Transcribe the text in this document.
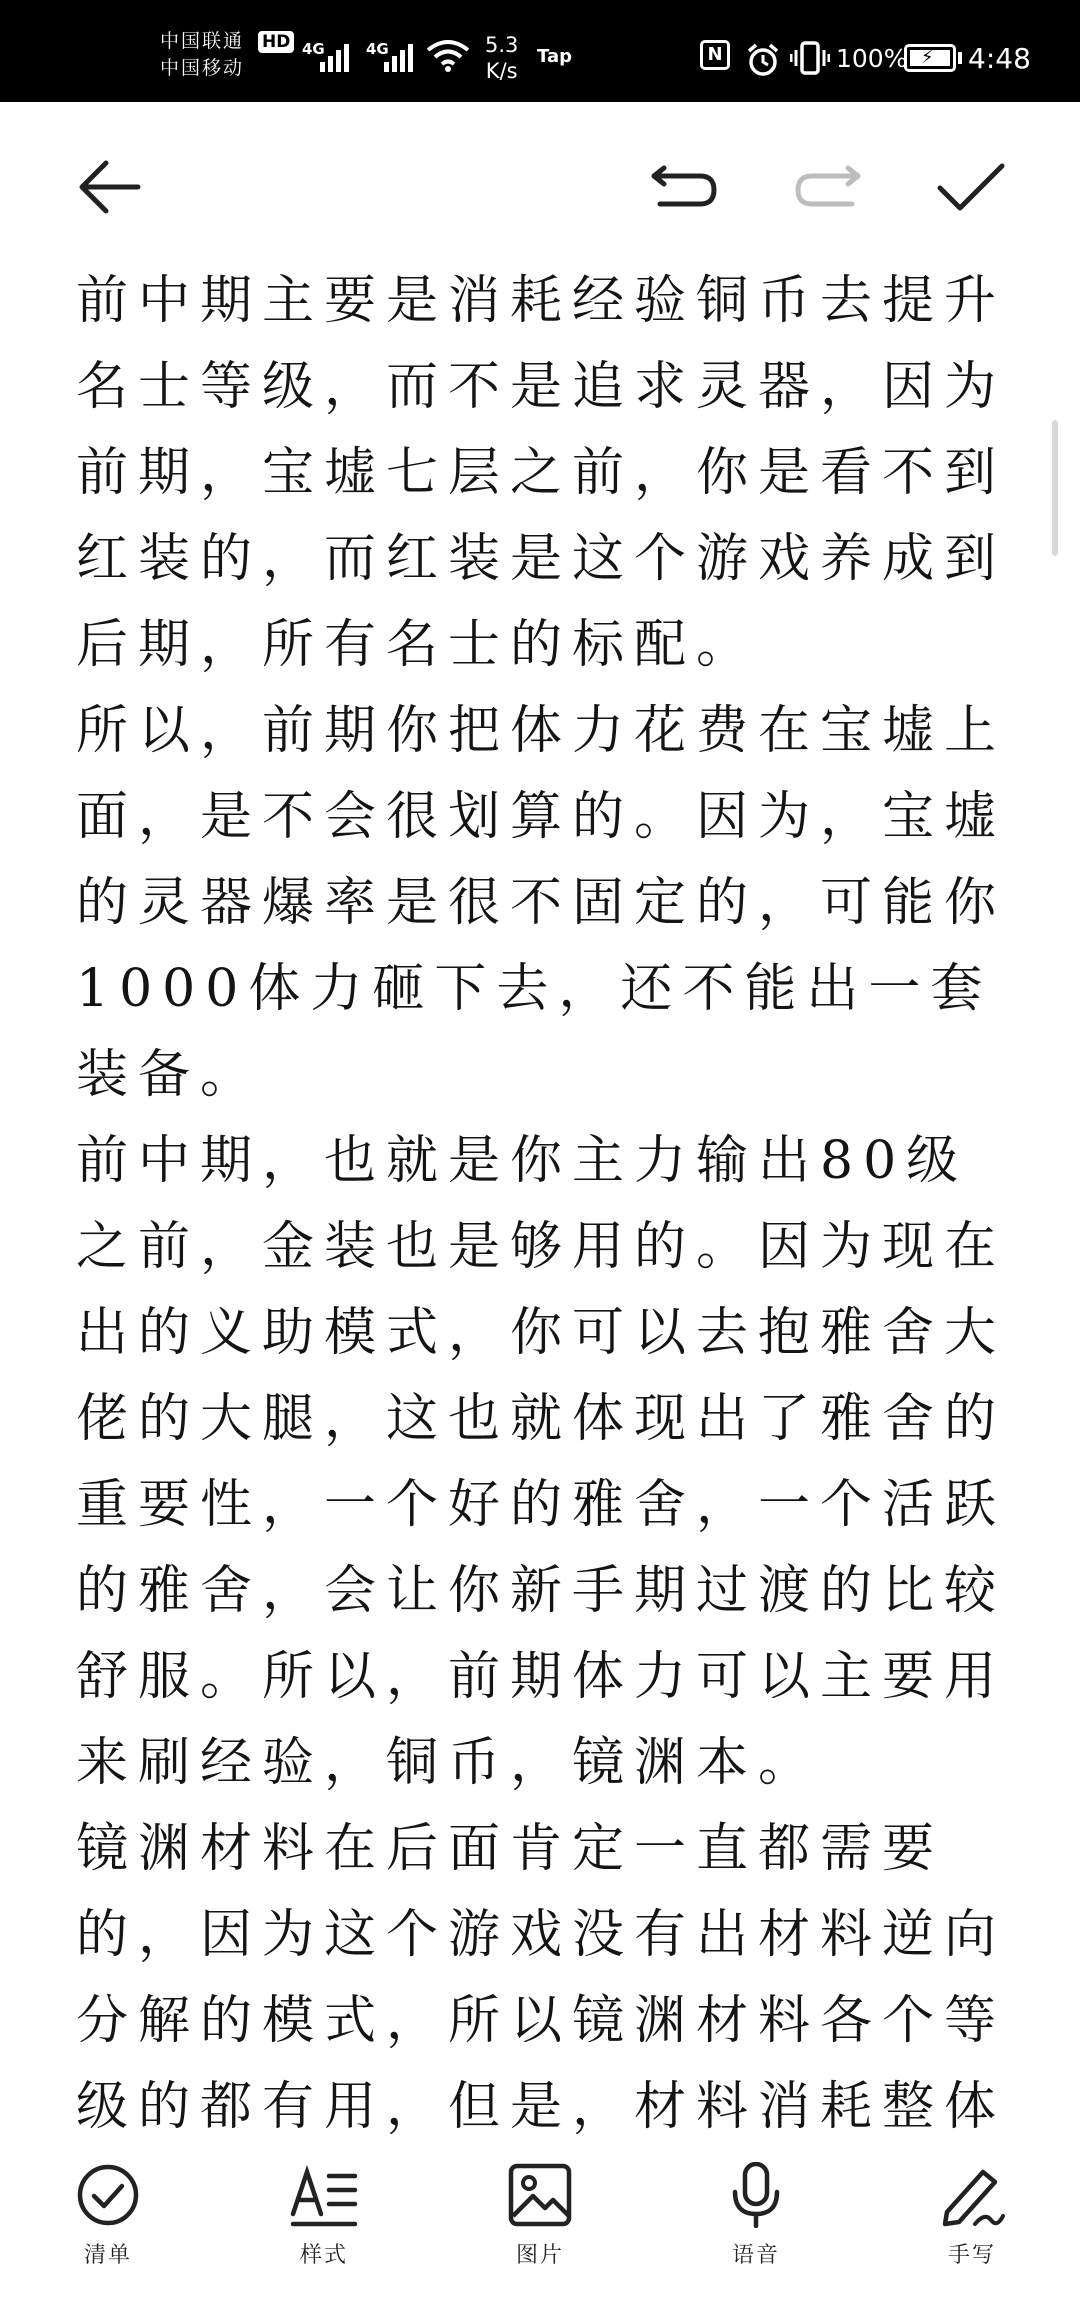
中国联通
中国移动
HD 4G	4G	5.3
K/s
Tap	N	100% ⚡ 4:48

前中期主要是消耗经验铜币去提升名士等级，而不是追求灵器，因为前期，宝墟七层之前，你是看不到红装的，而红装是这个游戏养成到后期，所有名士的标配。

所以，前期你把体力花费在宝墟上面，是不会很划算的。因为，宝墟的灵器爆率是很不固定的，可能你1000体力砸下去，还不能出一套装备。

前中期，也就是你主力输出80级之前，金装也是够用的。因为现在出的义助模式，你可以去抱雅舍大佬的大腿，这也就体现出了雅舍的重要性，一个好的雅舍，一个活跃的雅舍，会让你新手期过渡的比较舒服。所以，前期体力可以主要用来刷经验，铜币，镜渊本。

镜渊材料在后面肯定一直都需要的，因为这个游戏没有出材料逆向分解的模式，所以镜渊材料各个等级的都有用，但是，材料消耗整体

清单	样式	图片	语音	手写
